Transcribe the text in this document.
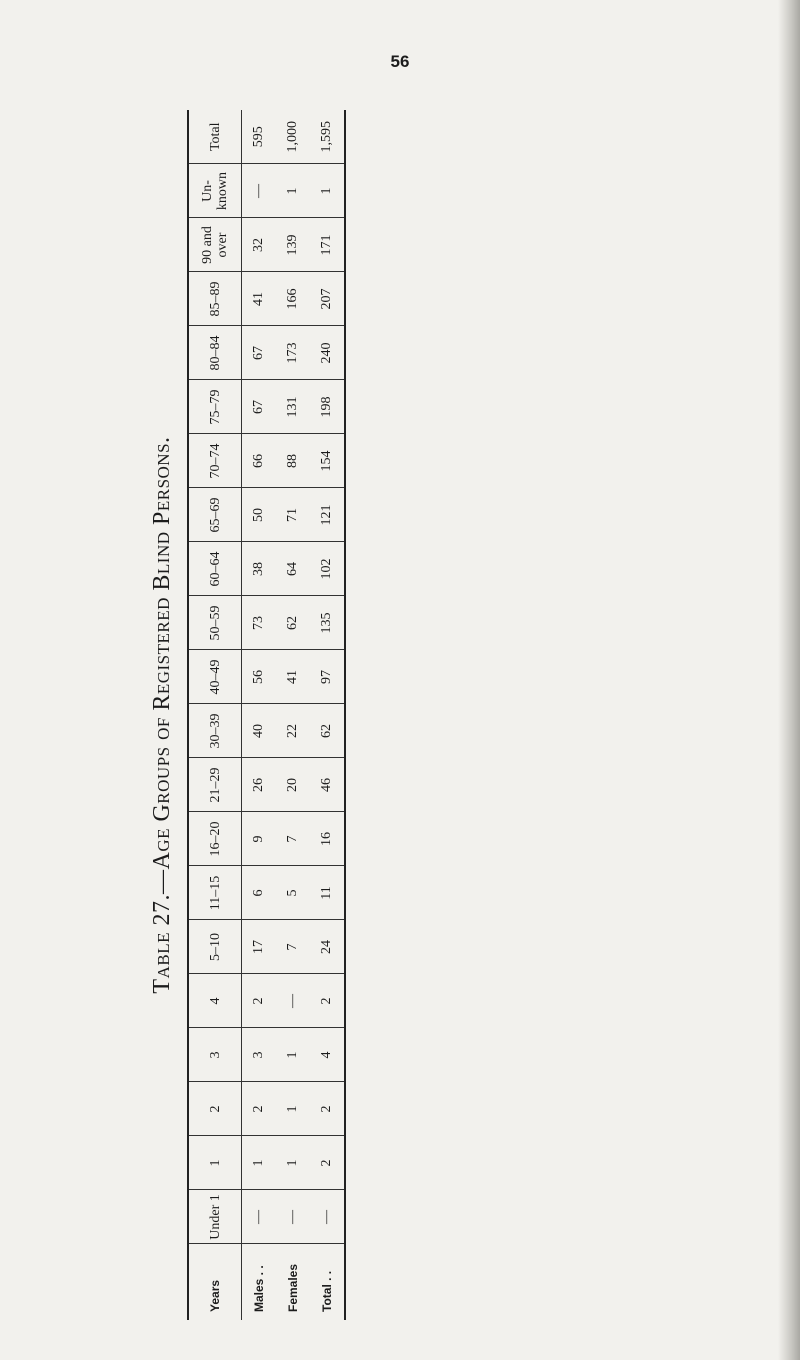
56
Table 27.—Age Groups of Registered Blind Persons.
Years	Under 1	1	2	3	4	5–10	11–15	16–20	21–29	30–39	40–49	50–59	60–64	65–69	70–74	75–79	80–84	85–89	90 and over	Un-known	Total
Males . .	—	1	2	3	2	17	6	9	26	40	56	73	38	50	66	67	67	41	32	—	595
Females	—	1	1	1	—	7	5	7	20	22	41	62	64	71	88	131	173	166	139	1	1,000
Total . .	—	2	2	4	2	24	11	16	46	62	97	135	102	121	154	198	240	207	171	1	1,595
